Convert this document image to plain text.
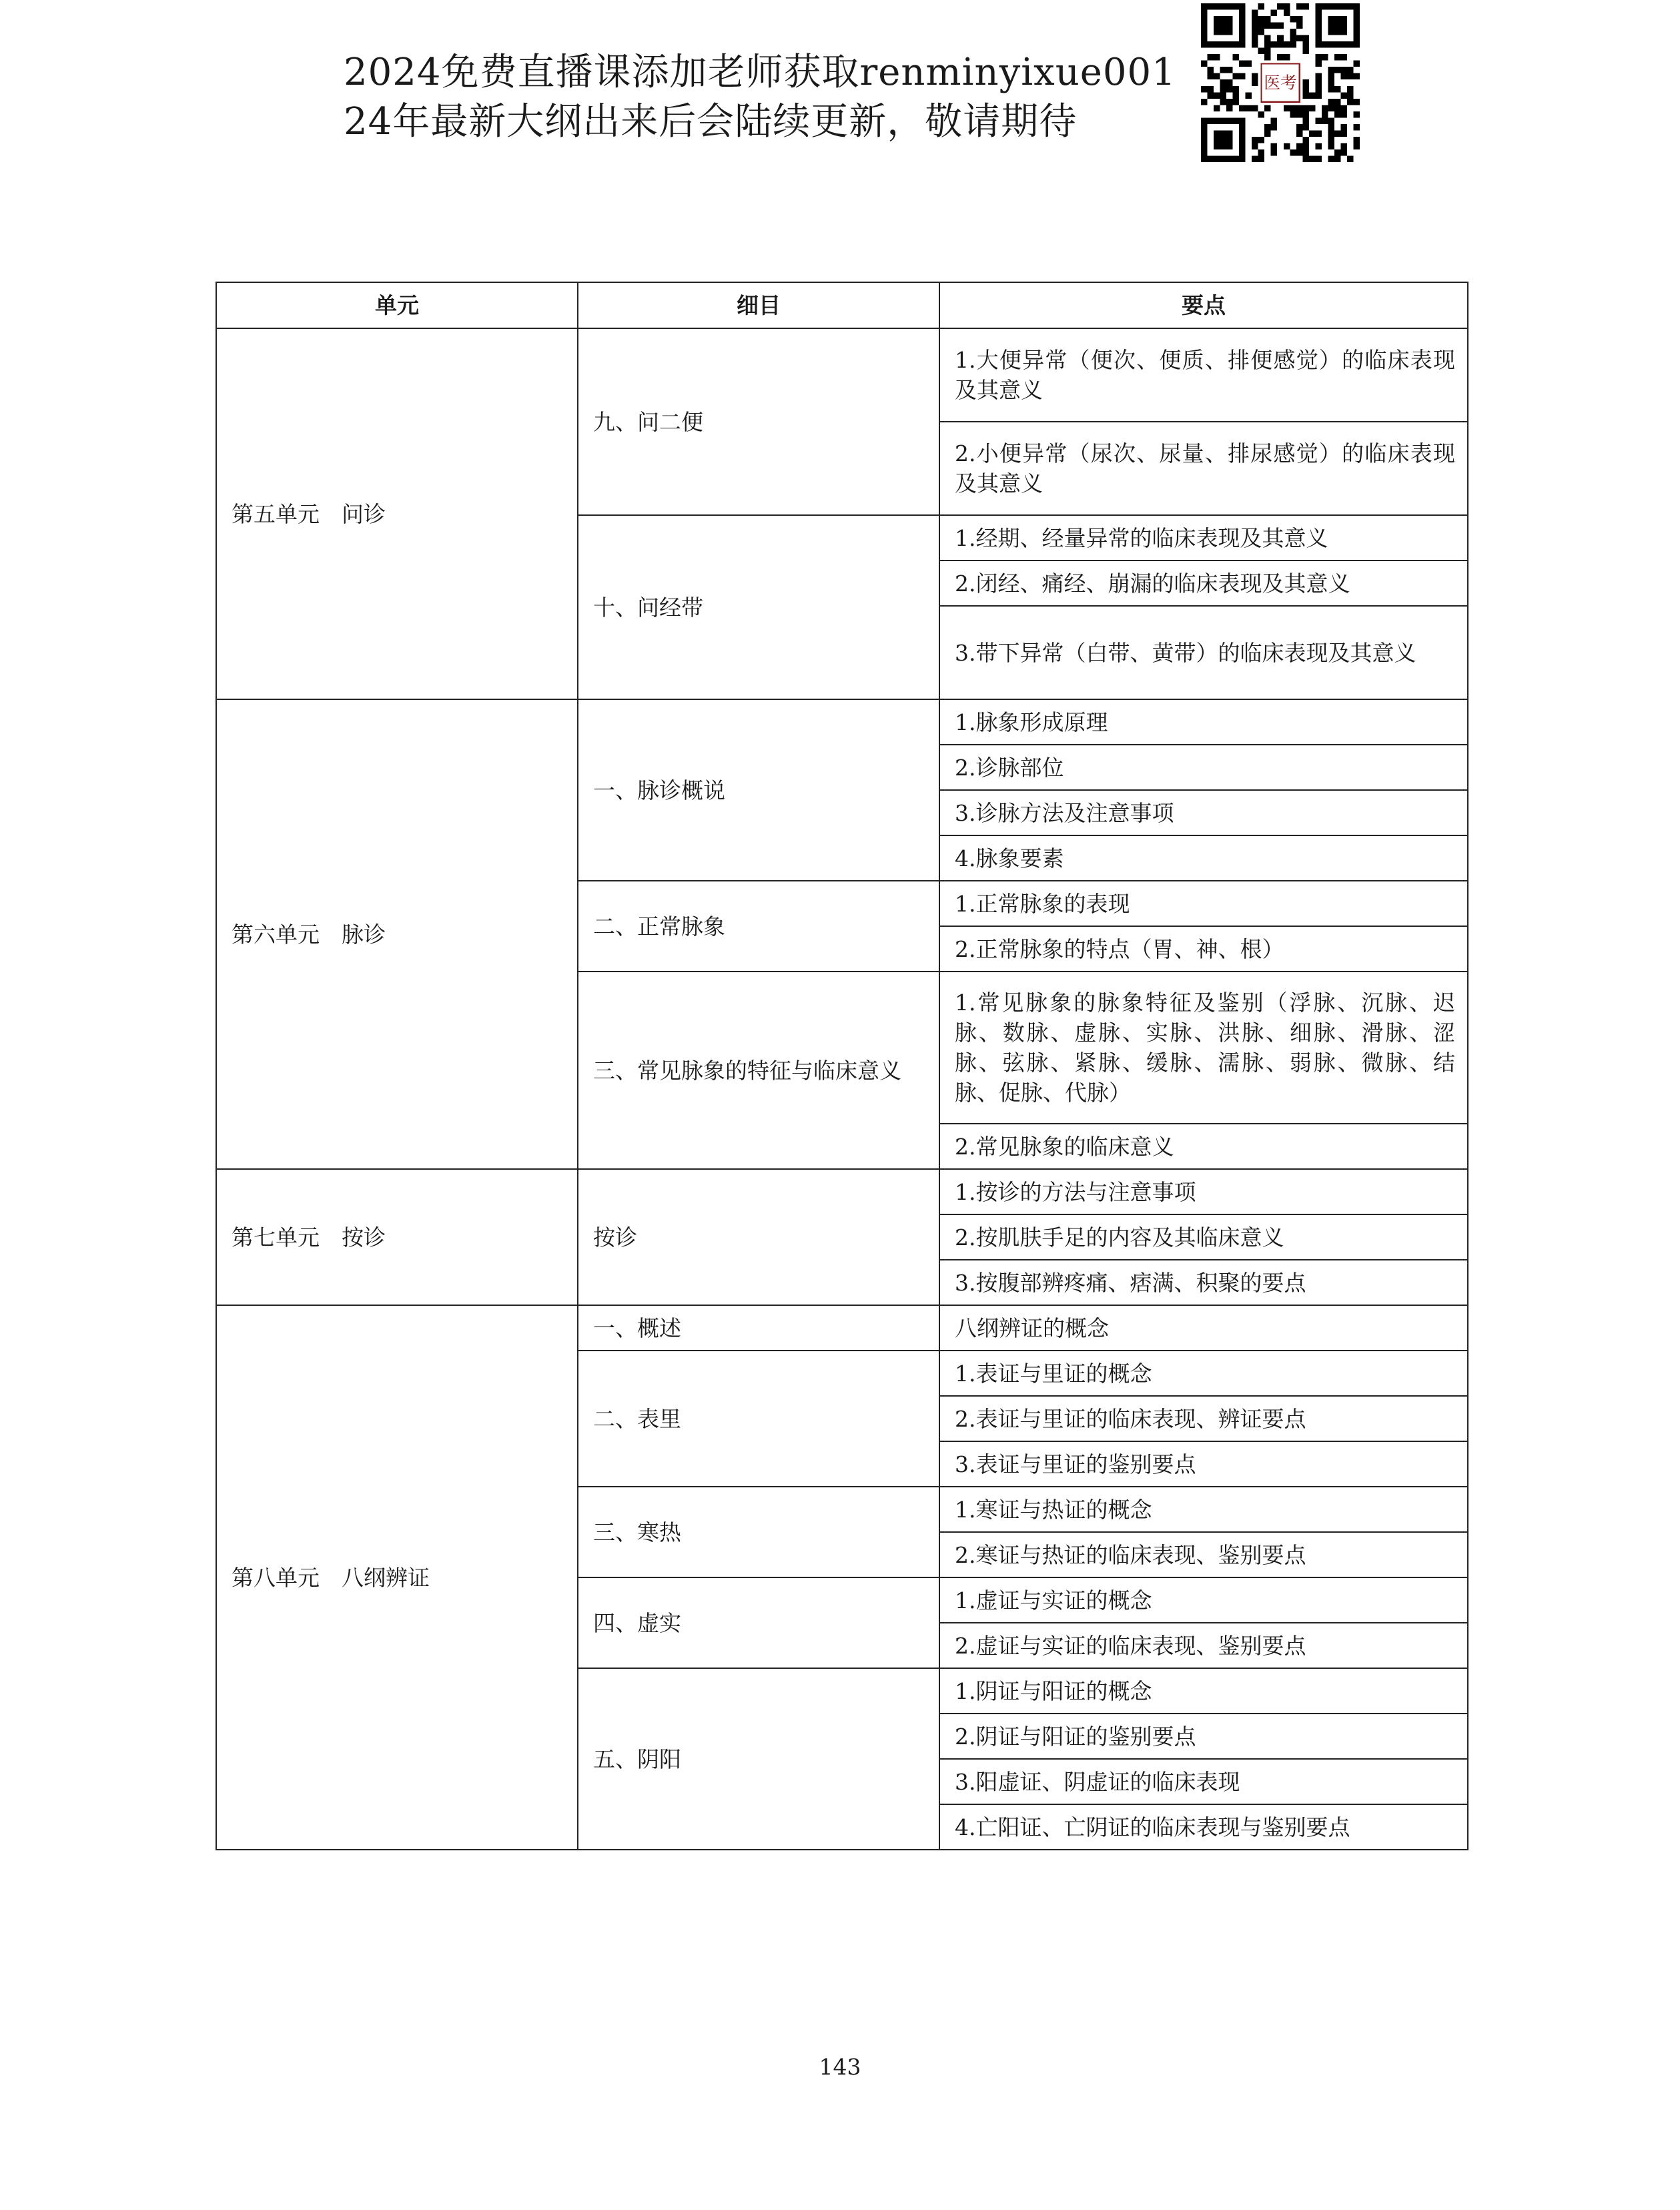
2024免费直播课添加老师获取renminyixue001
24年最新大纲出来后会陆续更新，敬请期待
医考
单元	细目	要点
第五单元　问诊	九、问二便	1.大便异常（便次、便质、排便感觉）的临床表现及其意义
		2.小便异常（尿次、尿量、排尿感觉）的临床表现及其意义
	十、问经带	1.经期、经量异常的临床表现及其意义
		2.闭经、痛经、崩漏的临床表现及其意义
		3.带下异常（白带、黄带）的临床表现及其意义
第六单元　脉诊	一、脉诊概说	1.脉象形成原理
		2.诊脉部位
		3.诊脉方法及注意事项
		4.脉象要素
	二、正常脉象	1.正常脉象的表现
		2.正常脉象的特点（胃、神、根）
	三、常见脉象的特征与临床意义	1.常见脉象的脉象特征及鉴别（浮脉、沉脉、迟脉、数脉、虚脉、实脉、洪脉、细脉、滑脉、涩脉、弦脉、紧脉、缓脉、濡脉、弱脉、微脉、结脉、促脉、代脉）
		2.常见脉象的临床意义
第七单元　按诊	按诊	1.按诊的方法与注意事项
		2.按肌肤手足的内容及其临床意义
		3.按腹部辨疼痛、痞满、积聚的要点
第八单元　八纲辨证	一、概述	八纲辨证的概念
	二、表里	1.表证与里证的概念
		2.表证与里证的临床表现、辨证要点
		3.表证与里证的鉴别要点
	三、寒热	1.寒证与热证的概念
		2.寒证与热证的临床表现、鉴别要点
	四、虚实	1.虚证与实证的概念
		2.虚证与实证的临床表现、鉴别要点
	五、阴阳	1.阴证与阳证的概念
		2.阴证与阳证的鉴别要点
		3.阳虚证、阴虚证的临床表现
		4.亡阳证、亡阴证的临床表现与鉴别要点
143
